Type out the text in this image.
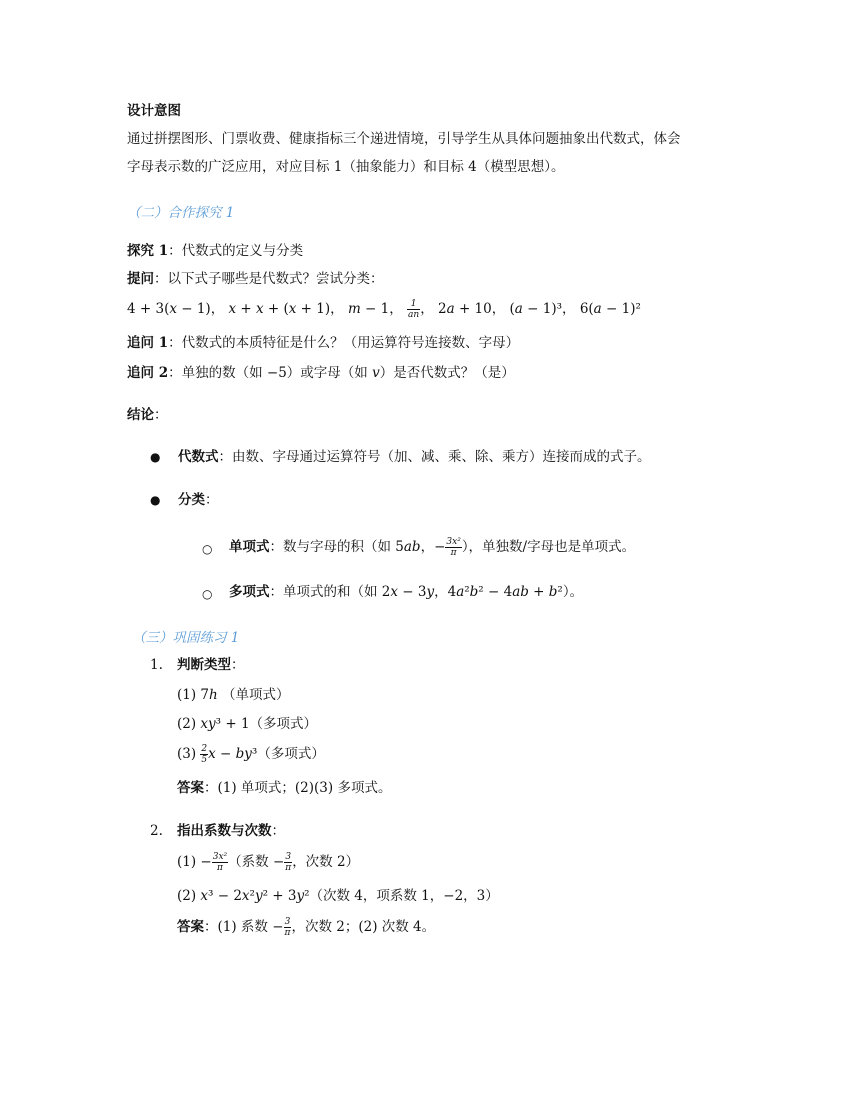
设计意图
通过拼摆图形、门票收费、健康指标三个递进情境，引导学生从具体问题抽象出代数式，体会
字母表示数的广泛应用，对应目标 1（抽象能力）和目标 4（模型思想）。
（二）合作探究 1
探究 1：代数式的定义与分类
提问：以下式子哪些是代数式？尝试分类：
4 + 3(𝑥 − 1)， 𝑥 + 𝑥 + (𝑥 + 1)， 𝑚 − 1， $\frac{1}{\text{𝑎𝑛}}$ ， 2𝑎 + 10， (𝑎 − 1)³， 6(𝑎 − 1)²
追问 1：代数式的本质特征是什么？（用运算符号连接数、字母）
追问 2：单独的数（如 −5）或字母（如 𝑣）是否代数式？（是）
结论：
● 代数式：由数、字母通过运算符号（加、减、乘、除、乘方）连接而成的式子。
● 分类：
○ 单项式：数与字母的积（如 5𝑎𝑏，− $\frac{\text{3𝑥²}}{\text{𝜋}}$ ），单独数/字母也是单项式。
○ 多项式：单项式的和（如 2𝑥 − 3𝑦，4𝑎²𝑏² − 4𝑎𝑏 + 𝑏²）。
（三）巩固练习 1
1. 判断类型：
(1) 7ℎ （单项式）
(2) 𝑥𝑦³ + 1（多项式）
$(3) \frac{2}{5}$ 𝑥 − 𝑏𝑦³（多项式）
答案：(1) 单项式；(2)(3) 多项式。
2. 指出系数与次数：
$(1) - \frac{\text{3𝑥²}}{\text{𝜋}}$ （系数 − $\frac{3}{\text{𝜋}}$ ，次数 2）
(2) 𝑥³ − 2𝑥²𝑦² + 3𝑦²（次数 4，项系数 1，−2，3）
答案：(1) 系数 − $\frac{3}{\text{𝜋}}$ ，次数 2；(2) 次数 4。
